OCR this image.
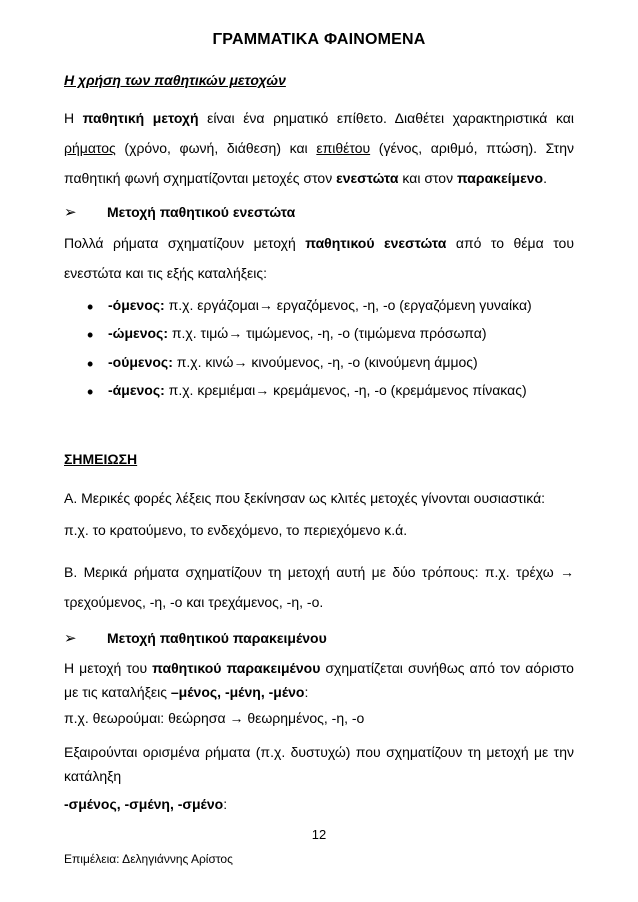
ΓΡΑΜΜΑΤΙΚΑ ΦΑΙΝΟΜΕΝΑ
Η χρήση των παθητικών μετοχών
Η παθητική μετοχή είναι ένα ρηματικό επίθετο. Διαθέτει χαρακτηριστικά και ρήματος (χρόνο, φωνή, διάθεση) και επιθέτου (γένος, αριθμό, πτώση). Στην παθητική φωνή σχηματίζονται μετοχές στον ενεστώτα και στον παρακείμενο.
➢ Μετοχή παθητικού ενεστώτα
Πολλά ρήματα σχηματίζουν μετοχή παθητικού ενεστώτα από το θέμα του ενεστώτα και τις εξής καταλήξεις:
• -όμενος: π.χ. εργάζομαι→ εργαζόμενος, -η, -ο (εργαζόμενη γυναίκα)
• -ώμενος: π.χ. τιμώ→ τιμώμενος, -η, -ο (τιμώμενα πρόσωπα)
• -ούμενος: π.χ. κινώ→ κινούμενος, -η, -ο (κινούμενη άμμος)
• -άμενος: π.χ. κρεμιέμαι→ κρεμάμενος, -η, -ο (κρεμάμενος πίνακας)
ΣΗΜΕΙΩΣΗ
Α. Μερικές φορές λέξεις που ξεκίνησαν ως κλιτές μετοχές γίνονται ουσιαστικά:
π.χ. το κρατούμενο, το ενδεχόμενο, το περιεχόμενο κ.ά.
Β. Μερικά ρήματα σχηματίζουν τη μετοχή αυτή με δύο τρόπους: π.χ. τρέχω →
τρεχούμενος, -η, -ο και τρεχάμενος, -η, -ο.
➢ Μετοχή παθητικού παρακειμένου
Η μετοχή του παθητικού παρακειμένου σχηματίζεται συνήθως από τον αόριστο με τις καταλήξεις –μένος, -μένη, -μένο:
π.χ. θεωρούμαι: θεώρησα → θεωρημένος, -η, -ο
Εξαιρούνται ορισμένα ρήματα (π.χ. δυστυχώ) που σχηματίζουν τη μετοχή με την κατάληξη
-σμένος, -σμένη, -σμένο:
12
Επιμέλεια: Δεληγιάννης Αρίστος
